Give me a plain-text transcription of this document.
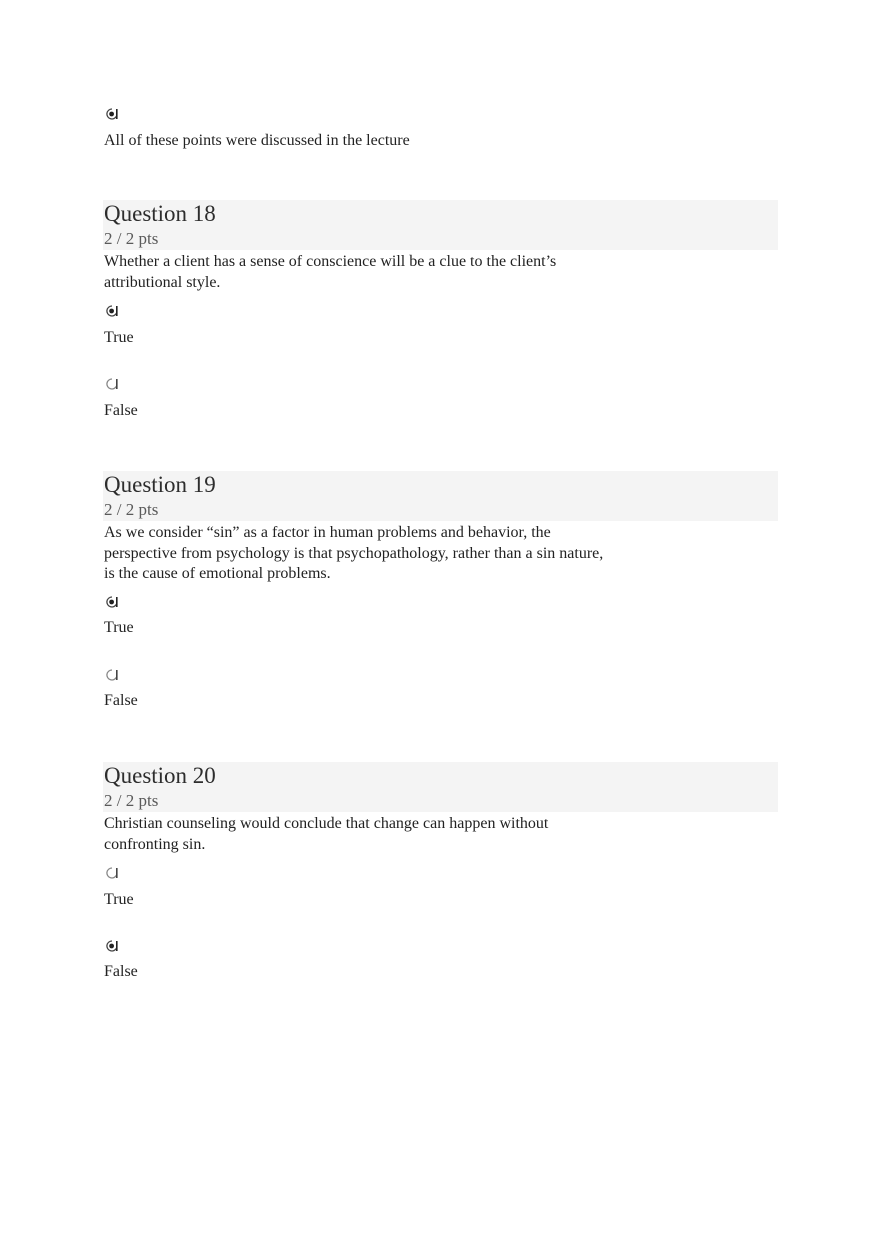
All of these points were discussed in the lecture
Question 18
2 / 2 pts
Whether a client has a sense of conscience will be a clue to the client’s attributional style.
True
False
Question 19
2 / 2 pts
As we consider “sin” as a factor in human problems and behavior, the perspective from psychology is that psychopathology, rather than a sin nature, is the cause of emotional problems.
True
False
Question 20
2 / 2 pts
Christian counseling would conclude that change can happen without confronting sin.
True
False
